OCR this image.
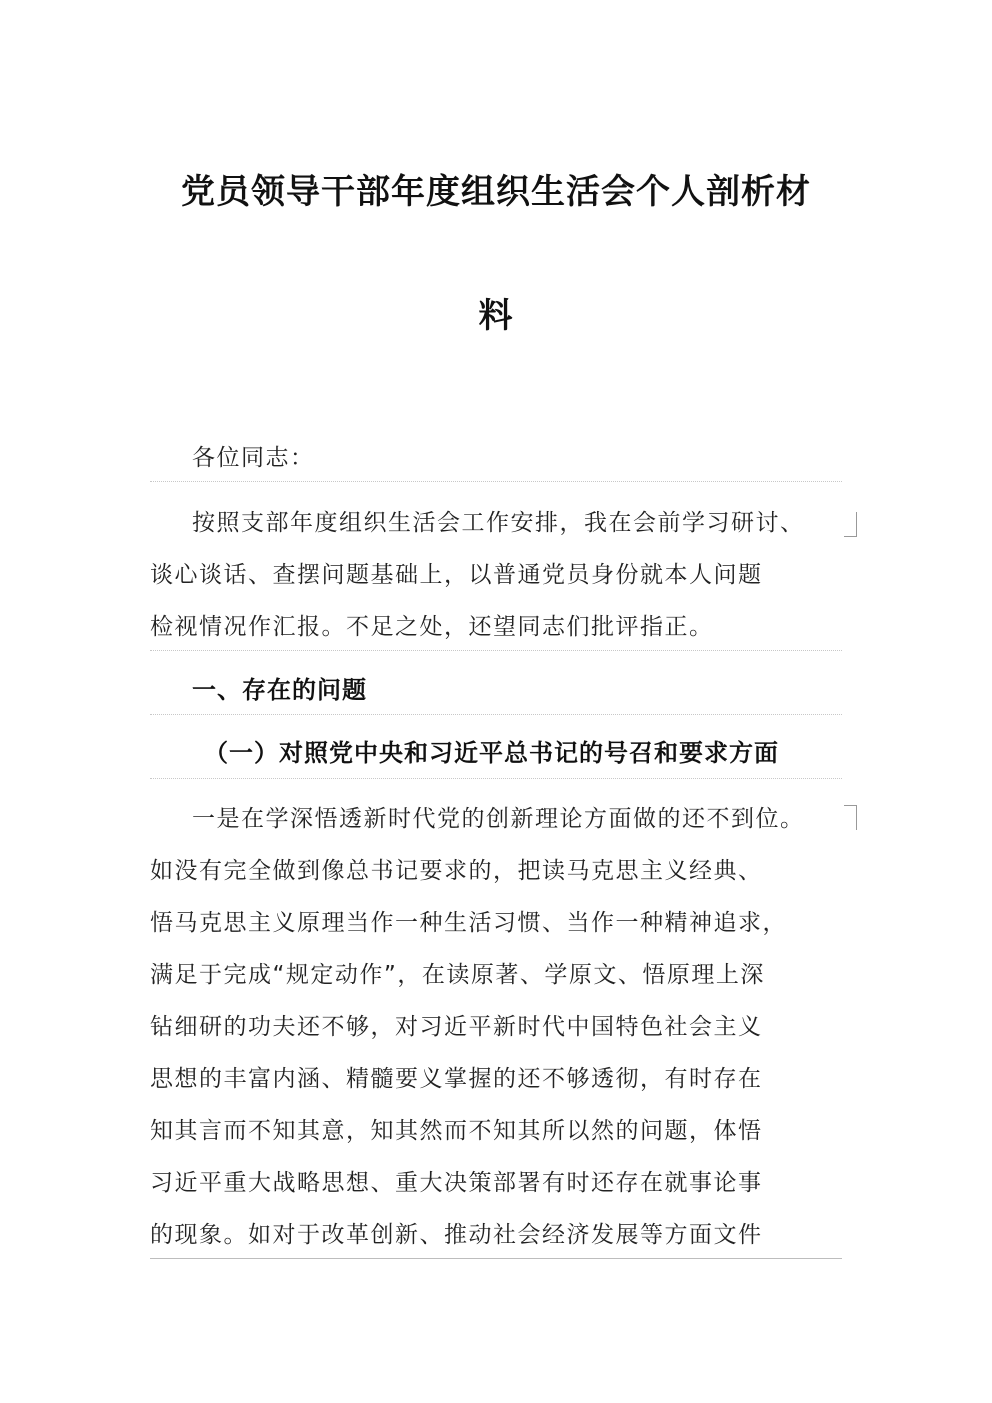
党员领导干部年度组织生活会个人剖析材
料
各位同志：
按照支部年度组织生活会工作安排，我在会前学习研讨、
谈心谈话、查摆问题基础上，以普通党员身份就本人问题
检视情况作汇报。不足之处，还望同志们批评指正。
一、存在的问题
（一）对照党中央和习近平总书记的号召和要求方面
一是在学深悟透新时代党的创新理论方面做的还不到位。
如没有完全做到像总书记要求的，把读马克思主义经典、
悟马克思主义原理当作一种生活习惯、当作一种精神追求，
满足于完成“规定动作”，在读原著、学原文、悟原理上深
钻细研的功夫还不够，对习近平新时代中国特色社会主义
思想的丰富内涵、精髓要义掌握的还不够透彻，有时存在
知其言而不知其意，知其然而不知其所以然的问题，体悟
习近平重大战略思想、重大决策部署有时还存在就事论事
的现象。如对于改革创新、推动社会经济发展等方面文件
